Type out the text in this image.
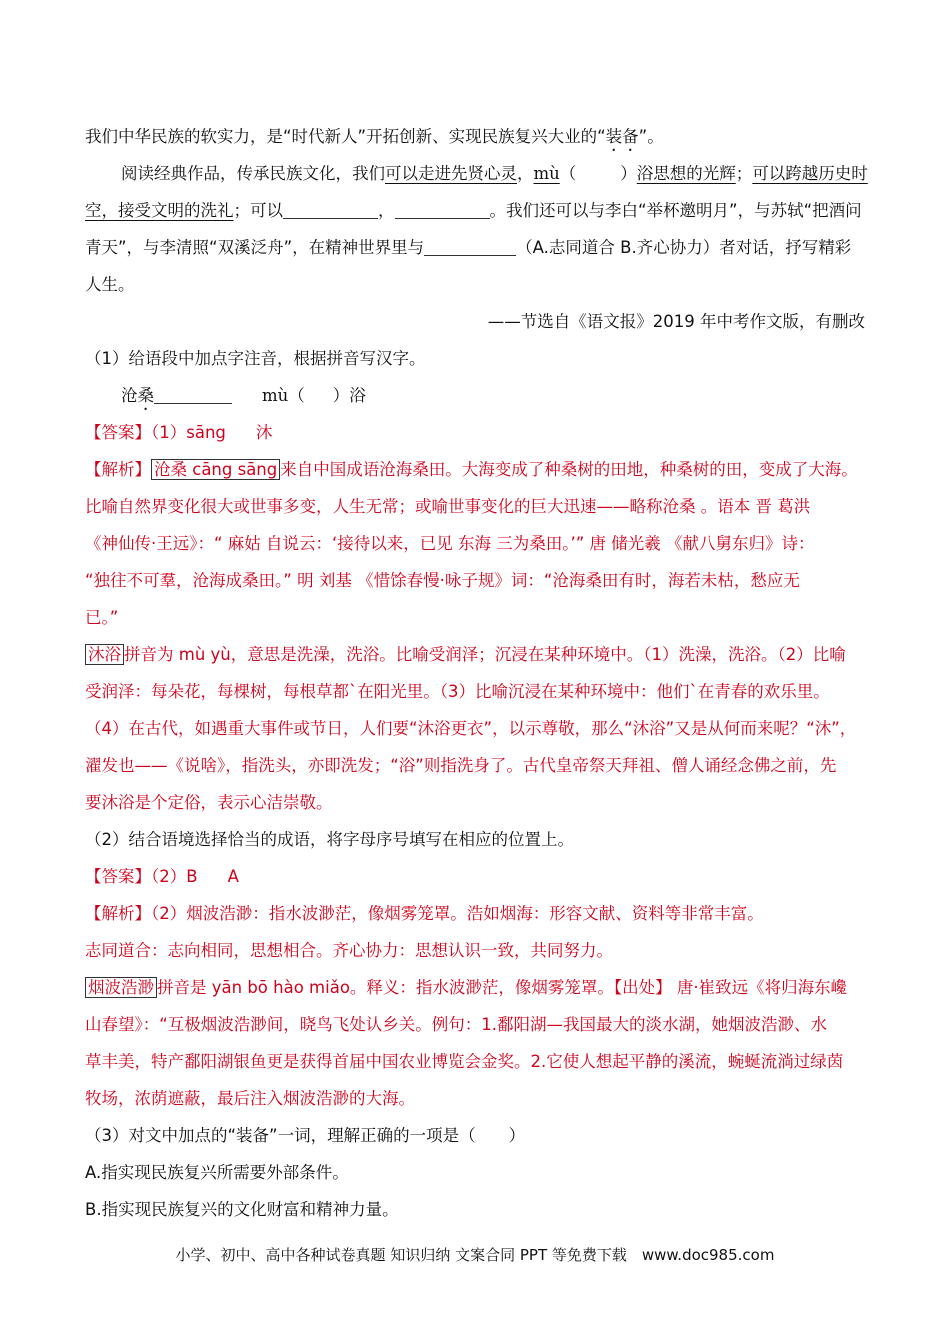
我们中华民族的软实力，是“时代新人”开拓创新、实现民族复兴大业的“装备”。
阅读经典作品，传承民族文化，我们可以走进先贤心灵，mù（	）浴思想的光辉；可以跨越历史时
空，接受文明的洗礼；可以	，	。我们还可以与李白“举杯邀明月”，与苏轼“把酒问
青天”，与李清照“双溪泛舟”，在精神世界里与	（A.志同道合 B.齐心协力）者对话，抒写精彩
人生。
——节选自《语文报》2019 年中考作文版，有删改
（1）给语段中加点字注音，根据拼音写汉字。
沧桑	mù（ ）浴
【答案】（1）sāng 沐
【解析】 沧桑 cāng sāng 来自中国成语沧海桑田。大海变成了种桑树的田地，种桑树的田，变成了大海。
比喻自然界变化很大或世事多变，人生无常；或喻世事变化的巨大迅速——略称沧桑 。语本 晋 葛洪
《神仙传·王远》：“ 麻姑 自说云：‘接待以来，已见 东海 三为桑田。’” 唐 储光羲 《献八舅东归》诗：
“独往不可羣，沧海成桑田。” 明 刘基 《惜馀春慢·咏子规》词：“沧海桑田有时，海若未枯，愁应无
已。”
沐浴 拼音为 mù yù，意思是洗澡，洗浴。比喻受润泽；沉浸在某种环境中。（1）洗澡，洗浴。（2）比喻
受润泽：每朵花，每棵树，每根草都`在阳光里。（3）比喻沉浸在某种环境中：他们`在青春的欢乐里。
（4）在古代，如遇重大事件或节日，人们要“沐浴更衣”，以示尊敬，那么“沐浴”又是从何而来呢？“沐”，
濯发也——《说啥》，指洗头，亦即洗发；“浴”则指洗身了。古代皇帝祭天拜祖、僧人诵经念佛之前，先
要沐浴是个定俗，表示心洁崇敬。
（2）结合语境选择恰当的成语，将字母序号填写在相应的位置上。
【答案】（2）B A
【解析】（2）烟波浩渺：指水波渺茫，像烟雾笼罩。浩如烟海：形容文献、资料等非常丰富。
志同道合：志向相同，思想相合。齐心协力：思想认识一致，共同努力。
烟波浩渺 拼音是 yān bō hào miǎo。释义：指水波渺茫，像烟雾笼罩。【出处】 唐·崔致远《将归海东巉
山春望》：“互极烟波浩渺间，晓鸟飞处认乡关。例句：1.鄱阳湖—我国最大的淡水湖，她烟波浩渺、水
草丰美，特产鄱阳湖银鱼更是获得首届中国农业博览会金奖。2.它使人想起平静的溪流，蜿蜒流淌过绿茵
牧场，浓荫遮蔽，最后注入烟波浩渺的大海。
（3）对文中加点的“装备”一词，理解正确的一项是（　　）
A.指实现民族复兴所需要外部条件。
B.指实现民族复兴的文化财富和精神力量。
小学、初中、高中各种试卷真题 知识归纳 文案合同 PPT 等免费下载　www.doc985.com
